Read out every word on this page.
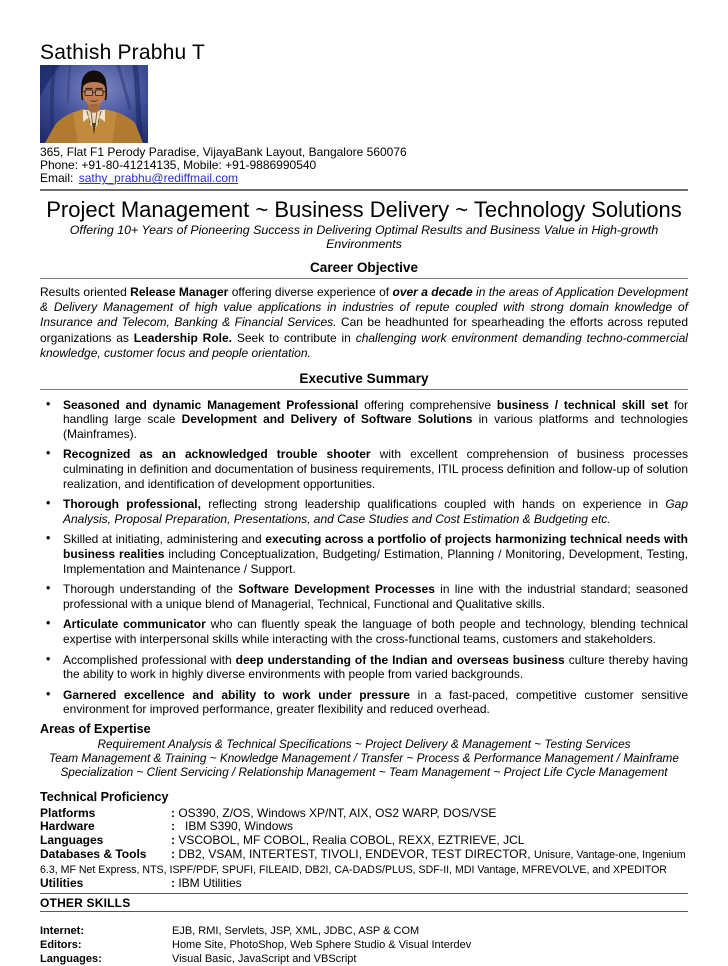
Sathish Prabhu T
365, Flat F1 Perody Paradise, VijayaBank Layout, Bangalore 560076
Phone: +91-80-41214135, Mobile: +91-9886990540
Email: sathy_prabhu@rediffmail.com
Project Management ~ Business Delivery ~ Technology Solutions
Offering 10+ Years of Pioneering Success in Delivering Optimal Results and Business Value in High-growth Environments
Career Objective

Results oriented Release Manager offering diverse experience of over a decade in the areas of Application Development & Delivery Management of high value applications in industries of repute coupled with strong domain knowledge of Insurance and Telecom, Banking & Financial Services. Can be headhunted for spearheading the efforts across reputed organizations as Leadership Role. Seek to contribute in challenging work environment demanding techno-commercial knowledge, customer focus and people orientation.

Executive Summary
• Seasoned and dynamic Management Professional offering comprehensive business / technical skill set for handling large scale Development and Delivery of Software Solutions in various platforms and technologies (Mainframes).
• Recognized as an acknowledged trouble shooter with excellent comprehension of business processes culminating in definition and documentation of business requirements, ITIL process definition and follow-up of solution realization, and identification of development opportunities.
• Thorough professional, reflecting strong leadership qualifications coupled with hands on experience in Gap Analysis, Proposal Preparation, Presentations, and Case Studies and Cost Estimation & Budgeting etc.
• Skilled at initiating, administering and executing across a portfolio of projects harmonizing technical needs with business realities including Conceptualization, Budgeting/ Estimation, Planning / Monitoring, Development, Testing, Implementation and Maintenance / Support.
• Thorough understanding of the Software Development Processes in line with the industrial standard; seasoned professional with a unique blend of Managerial, Technical, Functional and Qualitative skills.
• Articulate communicator who can fluently speak the language of both people and technology, blending technical expertise with interpersonal skills while interacting with the cross-functional teams, customers and stakeholders.
• Accomplished professional with deep understanding of the Indian and overseas business culture thereby having the ability to work in highly diverse environments with people from varied backgrounds.
• Garnered excellence and ability to work under pressure in a fast-paced, competitive customer sensitive environment for improved performance, greater flexibility and reduced overhead.
Areas of Expertise
Requirement Analysis & Technical Specifications ~ Project Delivery & Management ~ Testing Services
Team Management & Training ~ Knowledge Management / Transfer ~ Process & Performance Management / Mainframe
Specialization ~ Client Servicing / Relationship Management ~ Team Management ~ Project Life Cycle Management
Technical Proficiency
Platforms	: OS390, Z/OS, Windows XP/NT, AIX, OS2 WARP, DOS/VSE
Hardware	:   IBM S390, Windows
Languages	: VSCOBOL, MF COBOL, Realia COBOL, REXX, EZTRIEVE, JCL
Databases & Tools : DB2, VSAM, INTERTEST, TIVOLI, ENDEVOR, TEST DIRECTOR, Unisure, Vantage-one, Ingenium 6.3, MF Net Express, NTS, ISPF/PDF, SPUFI, FILEAID, DB2I, CA-DADS/PLUS, SDF-II, MDI Vantage, MFREVOLVE, and XPEDITOR
Utilities	: IBM Utilities
OTHER SKILLS
Internet:	EJB, RMI, Servlets, JSP, XML, JDBC, ASP & COM
Editors:	Home Site, PhotoShop, Web Sphere Studio & Visual Interdev
Languages:	Visual Basic, JavaScript and VBScript
